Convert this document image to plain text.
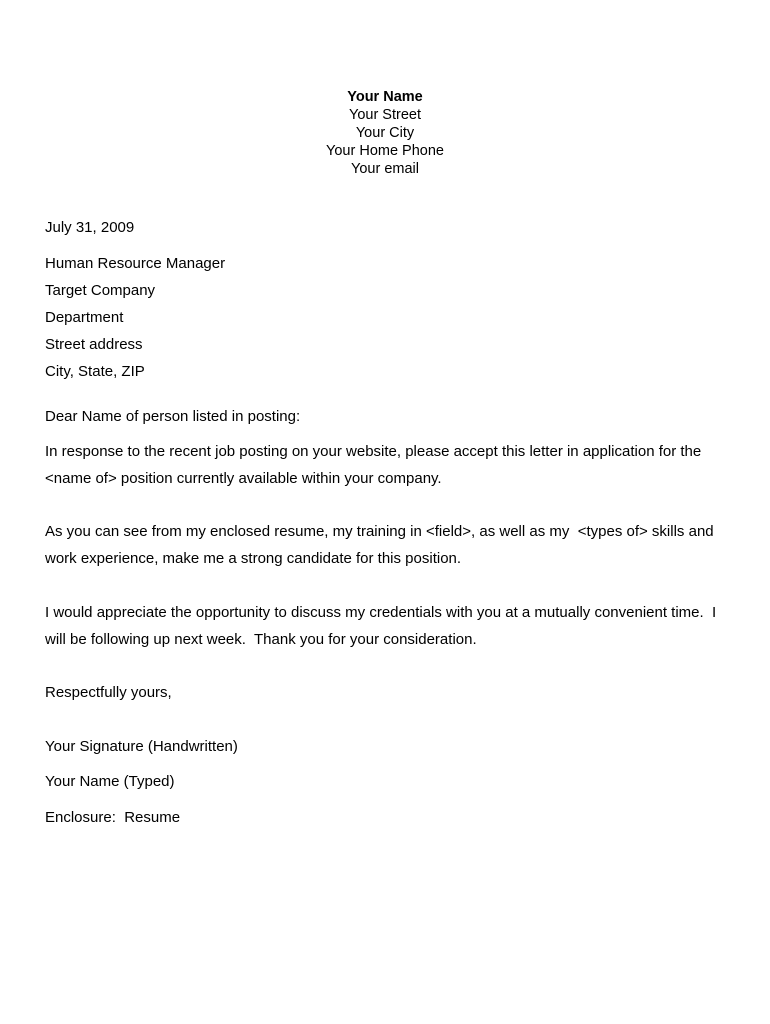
Your Name
Your Street
Your City
Your Home Phone
Your email
July 31, 2009
Human Resource Manager
Target Company
Department
Street address
City, State, ZIP
Dear Name of person listed in posting:

In response to the recent job posting on your website, please accept this letter in application for the <name of> position currently available within your company.

As you can see from my enclosed resume, my training in <field>, as well as my  <types of> skills and work experience, make me a strong candidate for this position.

I would appreciate the opportunity to discuss my credentials with you at a mutually convenient time.  I will be following up next week.  Thank you for your consideration.

Respectfully yours,
Your Signature (Handwritten)
Your Name (Typed)
Enclosure:  Resume
